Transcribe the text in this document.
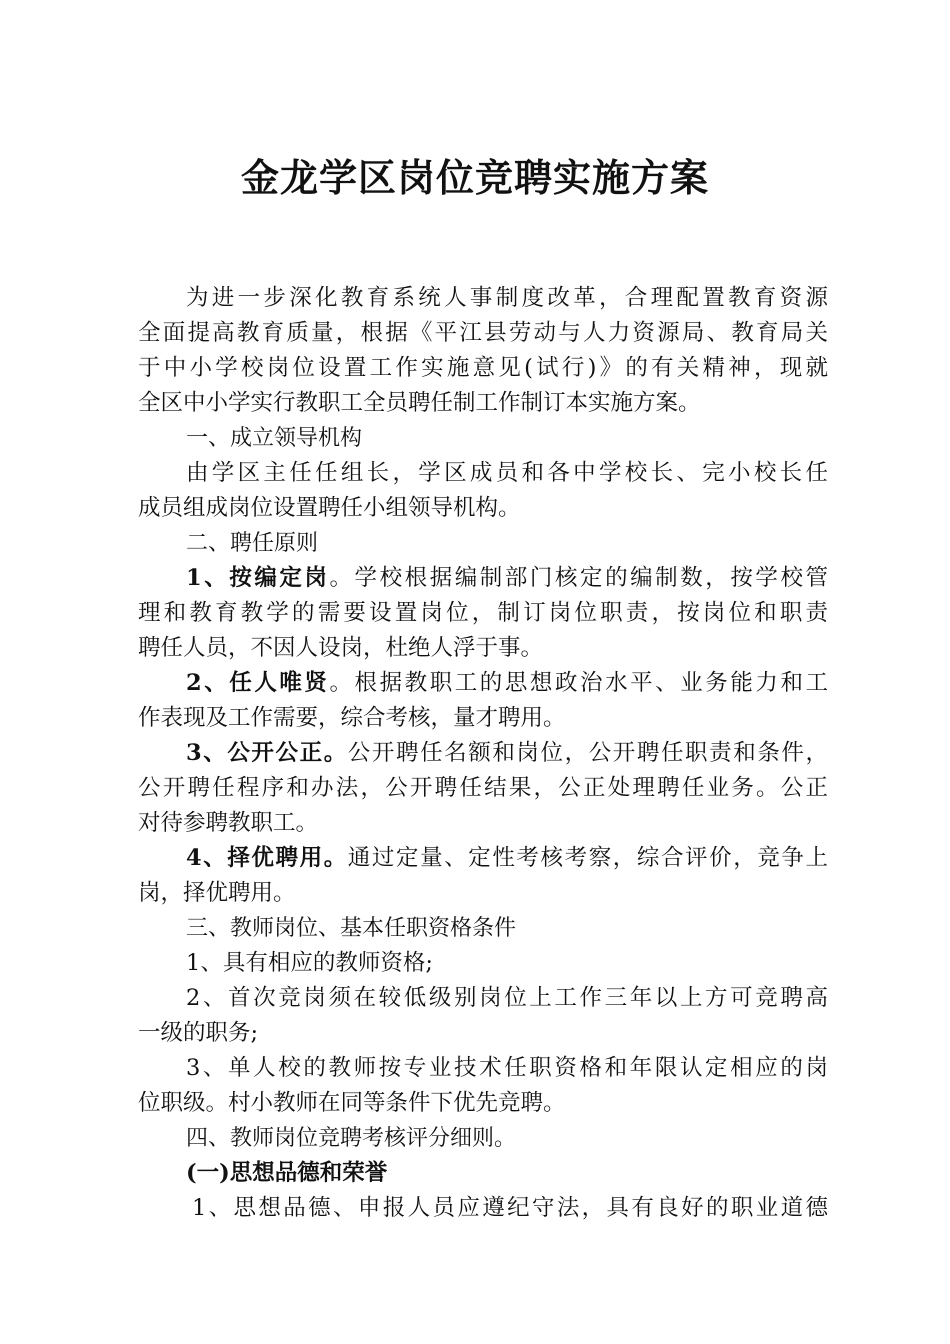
金龙学区岗位竞聘实施方案
为进一步深化教育系统人事制度改革，合理配置教育资源
全面提高教育质量，根据《平江县劳动与人力资源局、教育局关
于中小学校岗位设置工作实施意见(试行)》的有关精神，现就
全区中小学实行教职工全员聘任制工作制订本实施方案。
一、成立领导机构
由学区主任任组长，学区成员和各中学校长、完小校长任
成员组成岗位设置聘任小组领导机构。
二、聘任原则
1、按编定岗。学校根据编制部门核定的编制数，按学校管
理和教育教学的需要设置岗位，制订岗位职责，按岗位和职责
聘任人员，不因人设岗，杜绝人浮于事。
2、任人唯贤。根据教职工的思想政治水平、业务能力和工
作表现及工作需要，综合考核，量才聘用。
3、公开公正。公开聘任名额和岗位，公开聘任职责和条件，
公开聘任程序和办法，公开聘任结果，公正处理聘任业务。公正
对待参聘教职工。
4、择优聘用。通过定量、定性考核考察，综合评价，竞争上
岗，择优聘用。
三、教师岗位、基本任职资格条件
1、具有相应的教师资格;
2、首次竞岗须在较低级别岗位上工作三年以上方可竞聘高
一级的职务;
3、单人校的教师按专业技术任职资格和年限认定相应的岗
位职级。村小教师在同等条件下优先竞聘。
四、教师岗位竞聘考核评分细则。
(一)思想品德和荣誉
1、思想品德、申报人员应遵纪守法，具有良好的职业道德
